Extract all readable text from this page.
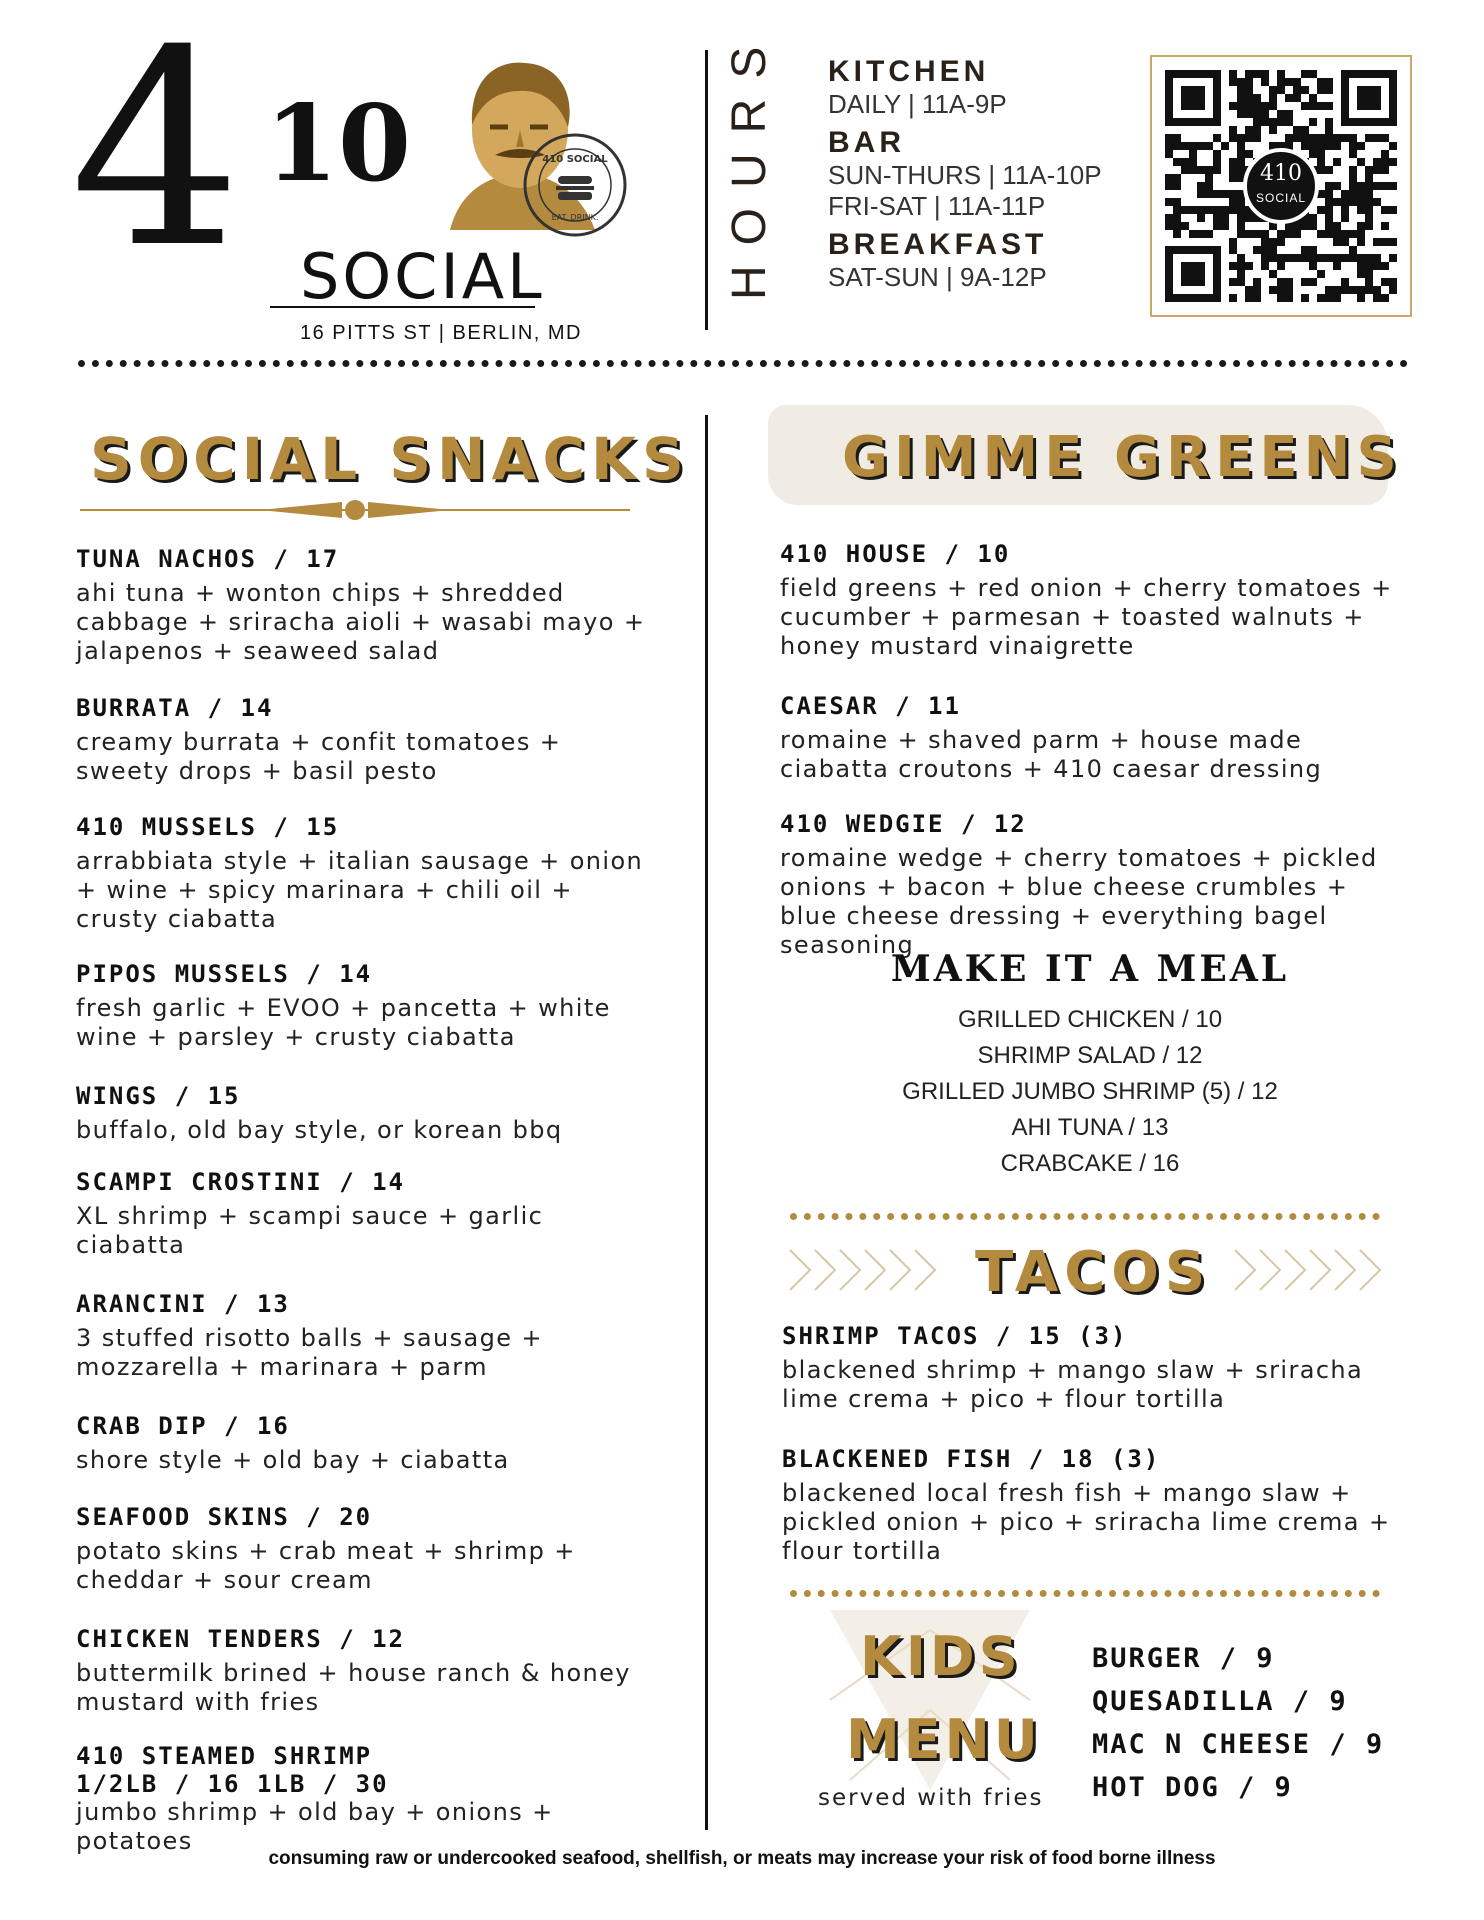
4 10	410 SOCIAL
EAT. DRINK.
SOCIAL
16 PITTS ST | BERLIN, MD
HOURS KITCHEN
DAILY | 11A-9P
BAR
SUN-THURS | 11A-10P
FRI-SAT | 11A-11P
BREAKFAST
SAT-SUN | 9A-12P
410
SOCIAL
SOCIAL SNACKS
TUNA NACHOS / 17
ahi tuna + wonton chips + shredded cabbage + sriracha aioli + wasabi mayo + jalapenos + seaweed salad
BURRATA / 14
creamy burrata + confit tomatoes + sweety drops + basil pesto
410 MUSSELS / 15
arrabbiata style + italian sausage + onion + wine + spicy marinara + chili oil + crusty ciabatta
PIPOS MUSSELS / 14
fresh garlic + EVOO + pancetta + white wine + parsley + crusty ciabatta
WINGS / 15
buffalo, old bay style, or korean bbq
SCAMPI CROSTINI / 14
XL shrimp + scampi sauce + garlic ciabatta
ARANCINI / 13
3 stuffed risotto balls + sausage + mozzarella + marinara + parm
CRAB DIP / 16
shore style + old bay + ciabatta
SEAFOOD SKINS / 20
potato skins + crab meat + shrimp + cheddar + sour cream
CHICKEN TENDERS / 12
buttermilk brined + house ranch & honey mustard with fries
410 STEAMED SHRIMP
1/2LB / 16 1LB / 30
jumbo shrimp + old bay + onions + potatoes
GIMME GREENS
410 HOUSE / 10
field greens + red onion + cherry tomatoes + cucumber + parmesan + toasted walnuts + honey mustard vinaigrette
CAESAR / 11
romaine + shaved parm + house made ciabatta croutons + 410 caesar dressing
410 WEDGIE / 12
romaine wedge + cherry tomatoes + pickled onions + bacon + blue cheese crumbles + blue cheese dressing + everything bagel seasoning
MAKE IT A MEAL

GRILLED CHICKEN / 10

SHRIMP SALAD / 12

GRILLED JUMBO SHRIMP (5) / 12

AHI TUNA / 13

CRABCAKE / 16

TACOS
SHRIMP TACOS / 15 (3)
blackened shrimp + mango slaw + sriracha lime crema + pico + flour tortilla
BLACKENED FISH / 18 (3)
blackened local fresh fish + mango slaw + pickled onion + pico + sriracha lime crema + flour tortilla
KIDS
MENU
served with fries
BURGER / 9
QUESADILLA / 9
MAC N CHEESE / 9
HOT DOG / 9
consuming raw or undercooked seafood, shellfish, or meats may increase your risk of food borne illness
